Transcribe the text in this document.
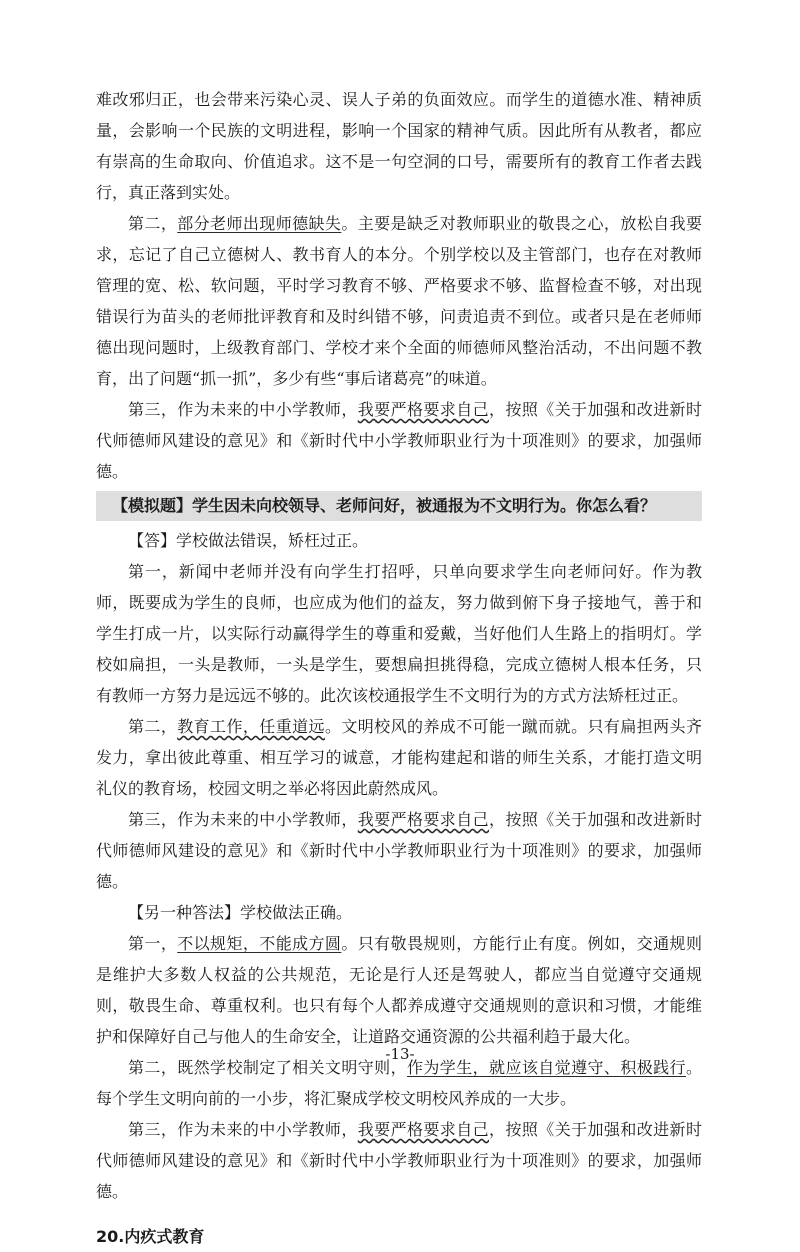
难改邪归正，也会带来污染心灵、误人子弟的负面效应。而学生的道德水准、精神质量，会影响一个民族的文明进程，影响一个国家的精神气质。因此所有从教者，都应有崇高的生命取向、价值追求。这不是一句空洞的口号，需要所有的教育工作者去践行，真正落到实处。

第二，部分老师出现师德缺失。主要是缺乏对教师职业的敬畏之心，放松自我要求，忘记了自己立德树人、教书育人的本分。个别学校以及主管部门，也存在对教师管理的宽、松、软问题，平时学习教育不够、严格要求不够、监督检查不够，对出现错误行为苗头的老师批评教育和及时纠错不够，问责追责不到位。或者只是在老师师德出现问题时，上级教育部门、学校才来个全面的师德师风整治活动，不出问题不教育，出了问题“抓一抓”，多少有些“事后诸葛亮”的味道。

第三，作为未来的中小学教师，我要严格要求自己，按照《关于加强和改进新时代师德师风建设的意见》和《新时代中小学教师职业行为十项准则》的要求，加强师德。

【模拟题】学生因未向校领导、老师问好，被通报为不文明行为。你怎么看？

【答】学校做法错误，矫枉过正。

第一，新闻中老师并没有向学生打招呼，只单向要求学生向老师问好。作为教师，既要成为学生的良师，也应成为他们的益友，努力做到俯下身子接地气，善于和学生打成一片，以实际行动赢得学生的尊重和爱戴，当好他们人生路上的指明灯。学校如扁担，一头是教师，一头是学生，要想扁担挑得稳，完成立德树人根本任务，只有教师一方努力是远远不够的。此次该校通报学生不文明行为的方式方法矫枉过正。

第二，教育工作，任重道远。文明校风的养成不可能一蹴而就。只有扁担两头齐发力，拿出彼此尊重、相互学习的诚意，才能构建起和谐的师生关系，才能打造文明礼仪的教育场，校园文明之举必将因此蔚然成风。

第三，作为未来的中小学教师，我要严格要求自己，按照《关于加强和改进新时代师德师风建设的意见》和《新时代中小学教师职业行为十项准则》的要求，加强师德。

【另一种答法】学校做法正确。

第一，不以规矩，不能成方圆。只有敬畏规则，方能行止有度。例如，交通规则是维护大多数人权益的公共规范，无论是行人还是驾驶人，都应当自觉遵守交通规则，敬畏生命、尊重权利。也只有每个人都养成遵守交通规则的意识和习惯，才能维护和保障好自己与他人的生命安全，让道路交通资源的公共福利趋于最大化。

第二，既然学校制定了相关文明守则，作为学生，就应该自觉遵守、积极践行。每个学生文明向前的一小步，将汇聚成学校文明校风养成的一大步。

第三，作为未来的中小学教师，我要严格要求自己，按照《关于加强和改进新时代师德师风建设的意见》和《新时代中小学教师职业行为十项准则》的要求，加强师德。

20.内疚式教育

-13-
